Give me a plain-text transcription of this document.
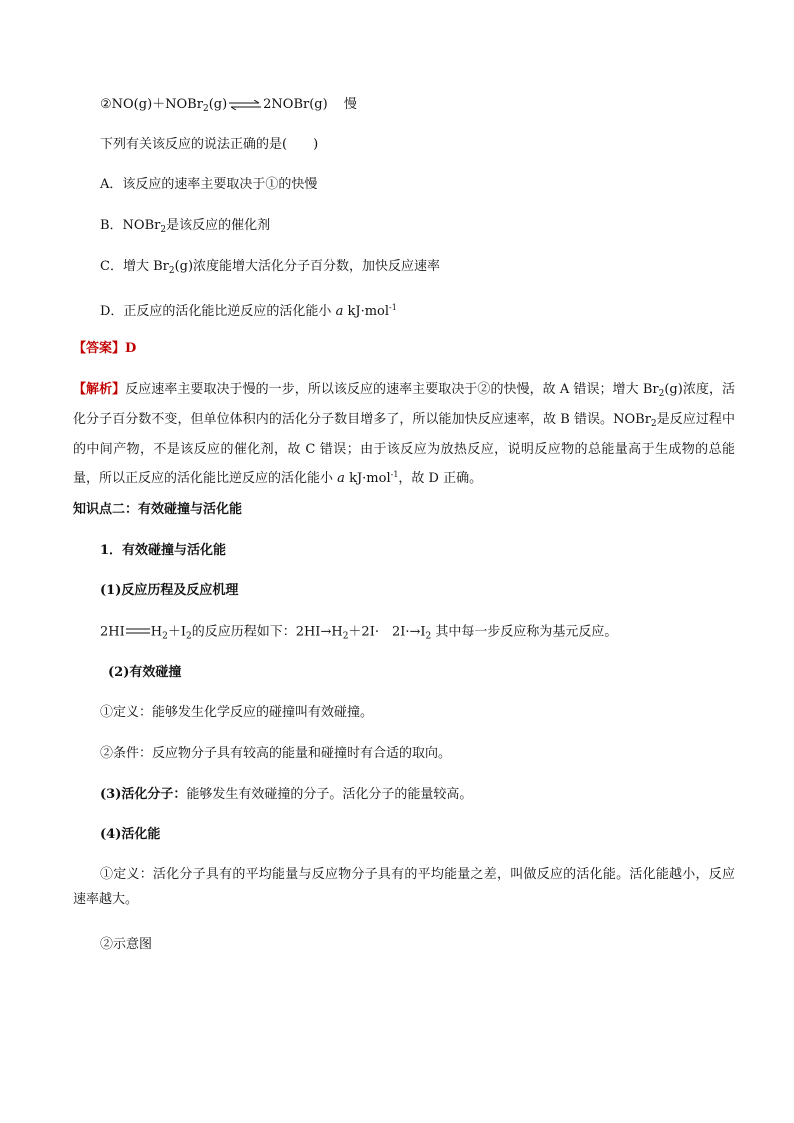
②NO(g)＋NOBr$_2$(g)⇌2NOBr(g) 慢
下列有关该反应的说法正确的是(　　)
A．该反应的速率主要取决于①的快慢
B．NOBr$_2$是该反应的催化剂
C．增大 $Br_2(g)$浓度能增大活化分子百分数，加快反应速率
D．正反应的活化能比逆反应的活化能小 a kJ·mol$^{-1}$
【答案】D
【解析】反应速率主要取决于慢的一步，所以该反应的速率主要取决于②的快慢，故 A 错误；增大 $Br_2(g)$浓度，活化分子百分数不变，但单位体积内的活化分子数目增多了，所以能加快反应速率，故 B 错误。NOBr$_2$是反应过程中的中间产物，不是该反应的催化剂，故 C 错误；由于该反应为放热反应，说明反应物的总能量高于生成物的总能量，所以正反应的活化能比逆反应的活化能小 a kJ·mol$^{-1}$，故 D 正确。
知识点二：有效碰撞与活化能
1．有效碰撞与活化能
(1)反应历程及反应机理
2HI $H_2+I_2$的反应历程如下：$2HI\to H_2+2I\cdot$　$2I\cdot\to I_2$ 其中每一步反应称为基元反应。
(2)有效碰撞
①定义：能够发生化学反应的碰撞叫有效碰撞。
②条件：反应物分子具有较高的能量和碰撞时有合适的取向。
(3)活化分子：能够发生有效碰撞的分子。活化分子的能量较高。
(4)活化能
①定义：活化分子具有的平均能量与反应物分子具有的平均能量之差，叫做反应的活化能。活化能越小，反应速率越大。
②示意图
